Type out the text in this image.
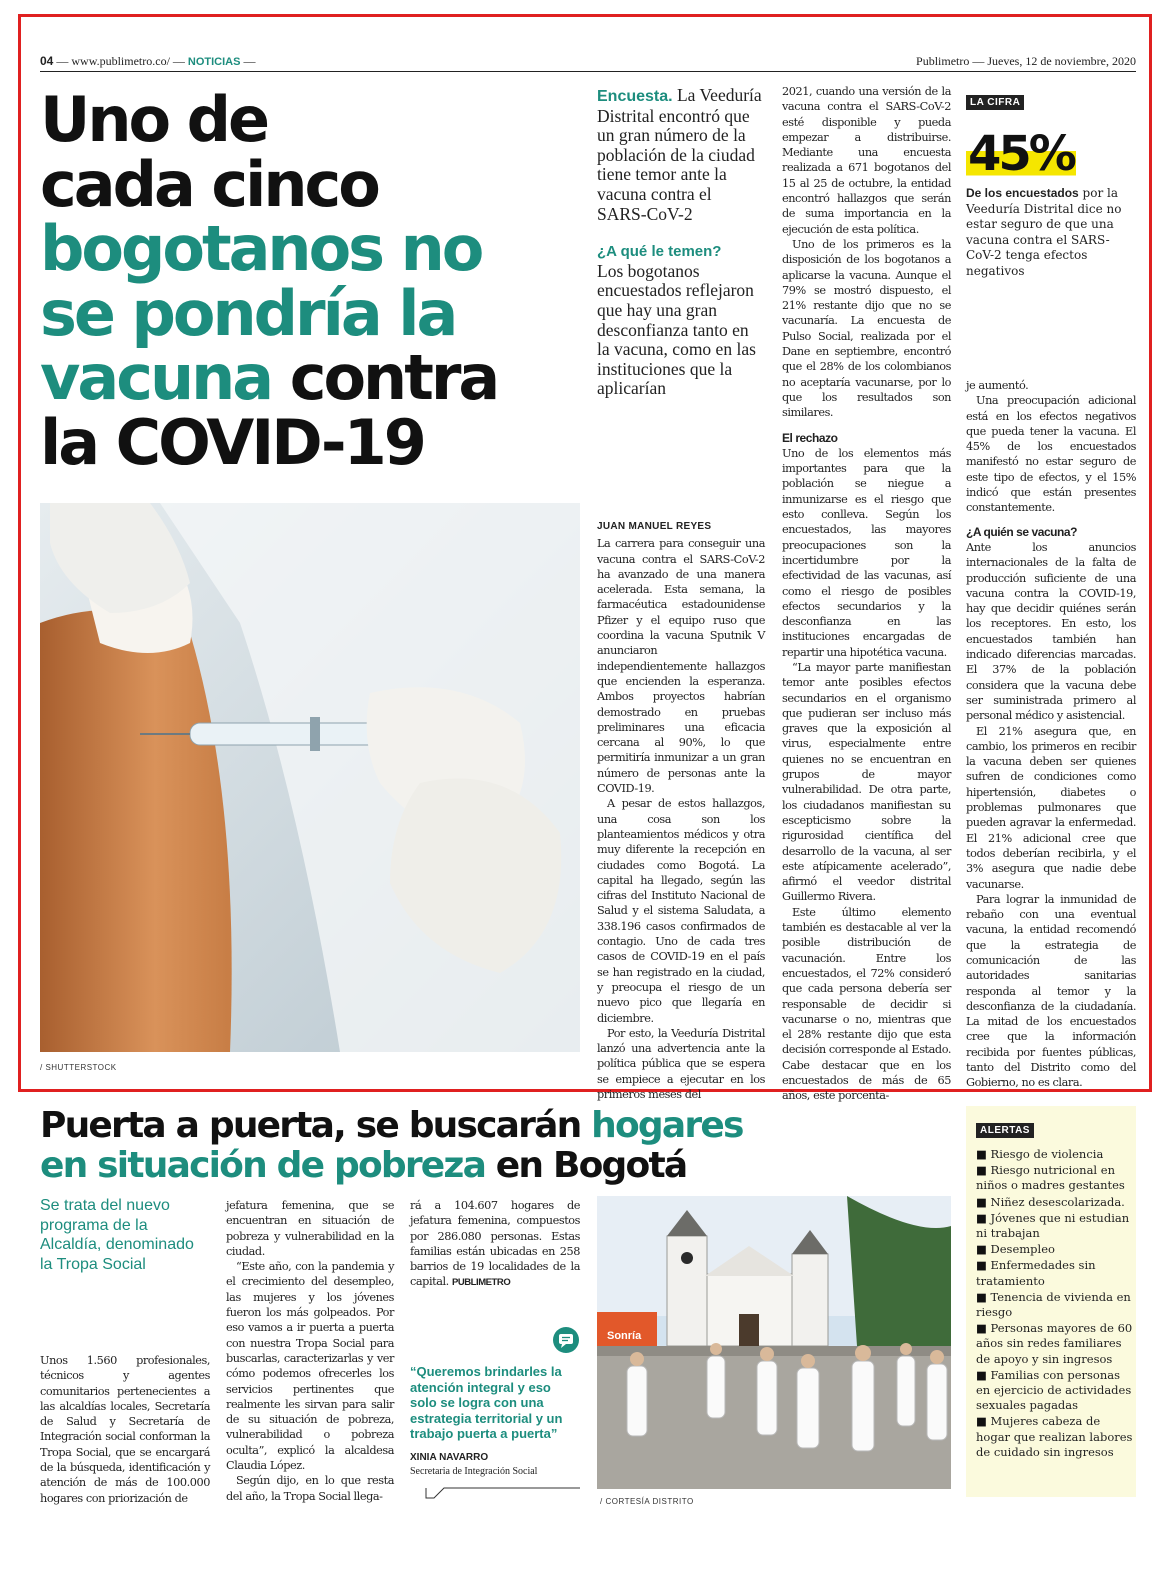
04 — www.publimetro.co/ — NOTICIAS —	Publimetro — Jueves, 12 de noviembre, 2020
Uno de
cada cinco
bogotanos no
se pondría la
vacuna contra
la COVID-19
/ SHUTTERSTOCK
Encuesta. La Veeduría Distrital encontró que un gran número de la población de la ciudad tiene temor ante la vacuna contra el SARS-CoV-2
¿A qué le temen?
Los bogotanos encuestados reflejaron que hay una gran desconfianza tanto en la vacuna, como en las instituciones que la aplicarían
JUAN MANUEL REYES

La carrera para conseguir una vacuna contra el SARS-CoV-2 ha avanzado de una manera acelerada. Esta semana, la farmacéutica estadounidense Pfizer y el equipo ruso que coordina la vacuna Sputnik V anunciaron independientemente hallazgos que encienden la esperanza. Ambos proyectos habrían demostrado en pruebas preliminares una eficacia cercana al 90%, lo que permitiría inmunizar a un gran número de personas ante la COVID-19.

A pesar de estos hallazgos, una cosa son los planteamientos médicos y otra muy diferente la recepción en ciudades como Bogotá. La capital ha llegado, según las cifras del Instituto Nacional de Salud y el sistema Saludata, a 338.196 casos confirmados de contagio. Uno de cada tres casos de COVID-19 en el país se han registrado en la ciudad, y preocupa el riesgo de un nuevo pico que llegaría en diciembre.

Por esto, la Veeduría Distrital lanzó una advertencia ante la política pública que se espera se empiece a ejecutar en los primeros meses del

2021, cuando una versión de la vacuna contra el SARS-CoV-2 esté disponible y pueda empezar a distribuirse. Mediante una encuesta realizada a 671 bogotanos del 15 al 25 de octubre, la entidad encontró hallazgos que serán de suma importancia en la ejecución de esta política.

Uno de los primeros es la disposición de los bogotanos a aplicarse la vacuna. Aunque el 79% se mostró dispuesto, el 21% restante dijo que no se vacunaría. La encuesta de Pulso Social, realizada por el Dane en septiembre, encontró que el 28% de los colombianos no aceptaría vacunarse, por lo que los resultados son similares.

El rechazo

Uno de los elementos más importantes para que la población se niegue a inmunizarse es el riesgo que esto conlleva. Según los encuestados, las mayores preocupaciones son la incertidumbre por la efectividad de las vacunas, así como el riesgo de posibles efectos secundarios y la desconfianza en las instituciones encargadas de repartir una hipotética vacuna.

“La mayor parte manifiestan temor ante posibles efectos secundarios en el organismo que pudieran ser incluso más graves que la exposición al virus, especialmente entre quienes no se encuentran en grupos de mayor vulnerabilidad. De otra parte, los ciudadanos manifiestan su escepticismo sobre la rigurosidad científica del desarrollo de la vacuna, al ser este atípicamente acelerado”, afirmó el veedor distrital Guillermo Rivera.

Este último elemento también es destacable al ver la posible distribución de vacunación. Entre los encuestados, el 72% consideró que cada persona debería ser responsable de decidir si vacunarse o no, mientras que el 28% restante dijo que esta decisión corresponde al Estado. Cabe destacar que en los encuestados de más de 65 años, este porcenta-

LA CIFRA
45%
De los encuestados por la Veeduría Distrital dice no estar seguro de que una vacuna contra el SARS-CoV-2 tenga efectos negativos

je aumentó.

Una preocupación adicional está en los efectos negativos que pueda tener la vacuna. El 45% de los encuestados manifestó no estar seguro de este tipo de efectos, y el 15% indicó que están presentes constantemente.

¿A quién se vacuna?

Ante los anuncios internacionales de la falta de producción suficiente de una vacuna contra la COVID-19, hay que decidir quiénes serán los receptores. En esto, los encuestados también han indicado diferencias marcadas. El 37% de la población considera que la vacuna debe ser suministrada primero al personal médico y asistencial.

El 21% asegura que, en cambio, los primeros en recibir la vacuna deben ser quienes sufren de condiciones como hipertensión, diabetes o problemas pulmonares que pueden agravar la enfermedad. El 21% adicional cree que todos deberían recibirla, y el 3% asegura que nadie debe vacunarse.

Para lograr la inmunidad de rebaño con una eventual vacuna, la entidad recomendó que la estrategia de comunicación de las autoridades sanitarias responda al temor y la desconfianza de la ciudadanía. La mitad de los encuestados cree que la información recibida por fuentes públicas, tanto del Distrito como del Gobierno, no es clara.

Puerta a puerta, se buscarán hogares
en situación de pobreza en Bogotá
Se trata del nuevo programa de la Alcaldía, denominado la Tropa Social

Unos 1.560 profesionales, técnicos y agentes comunitarios pertenecientes a las alcaldías locales, Secretaría de Salud y Secretaría de Integración social conforman la Tropa Social, que se encargará de la búsqueda, identificación y atención de más de 100.000 hogares con priorización de

jefatura femenina, que se encuentran en situación de pobreza y vulnerabilidad en la ciudad.

“Este año, con la pandemia y el crecimiento del desempleo, las mujeres y los jóvenes fueron los más golpeados. Por eso vamos a ir puerta a puerta con nuestra Tropa Social para buscarlas, caracterizarlas y ver cómo podemos ofrecerles los servicios pertinentes que realmente les sirvan para salir de su situación de pobreza, vulnerabilidad o pobreza oculta”, explicó la alcaldesa Claudia López.

Según dijo, en lo que resta del año, la Tropa Social llega-

rá a 104.607 hogares de jefatura femenina, compuestos por 286.080 personas. Estas familias están ubicadas en 258 barrios de 19 localidades de la capital. PUBLIMETRO

“Queremos brindarles la atención integral y eso solo se logra con una estrategia territorial y un trabajo puerta a puerta”
XINIA NAVARRO
Secretaria de Integración Social
Sonría
/ CORTESÍA DISTRITO
ALERTAS
■ Riesgo de violencia
■ Riesgo nutricional en niños o madres gestantes
■ Niñez desescolarizada.
■ Jóvenes que ni estudian ni trabajan
■ Desempleo
■ Enfermedades sin tratamiento
■ Tenencia de vivienda en riesgo
■ Personas mayores de 60 años sin redes familiares de apoyo y sin ingresos
■ Familias con personas en ejercicio de actividades sexuales pagadas
■ Mujeres cabeza de hogar que realizan labores de cuidado sin ingresos
